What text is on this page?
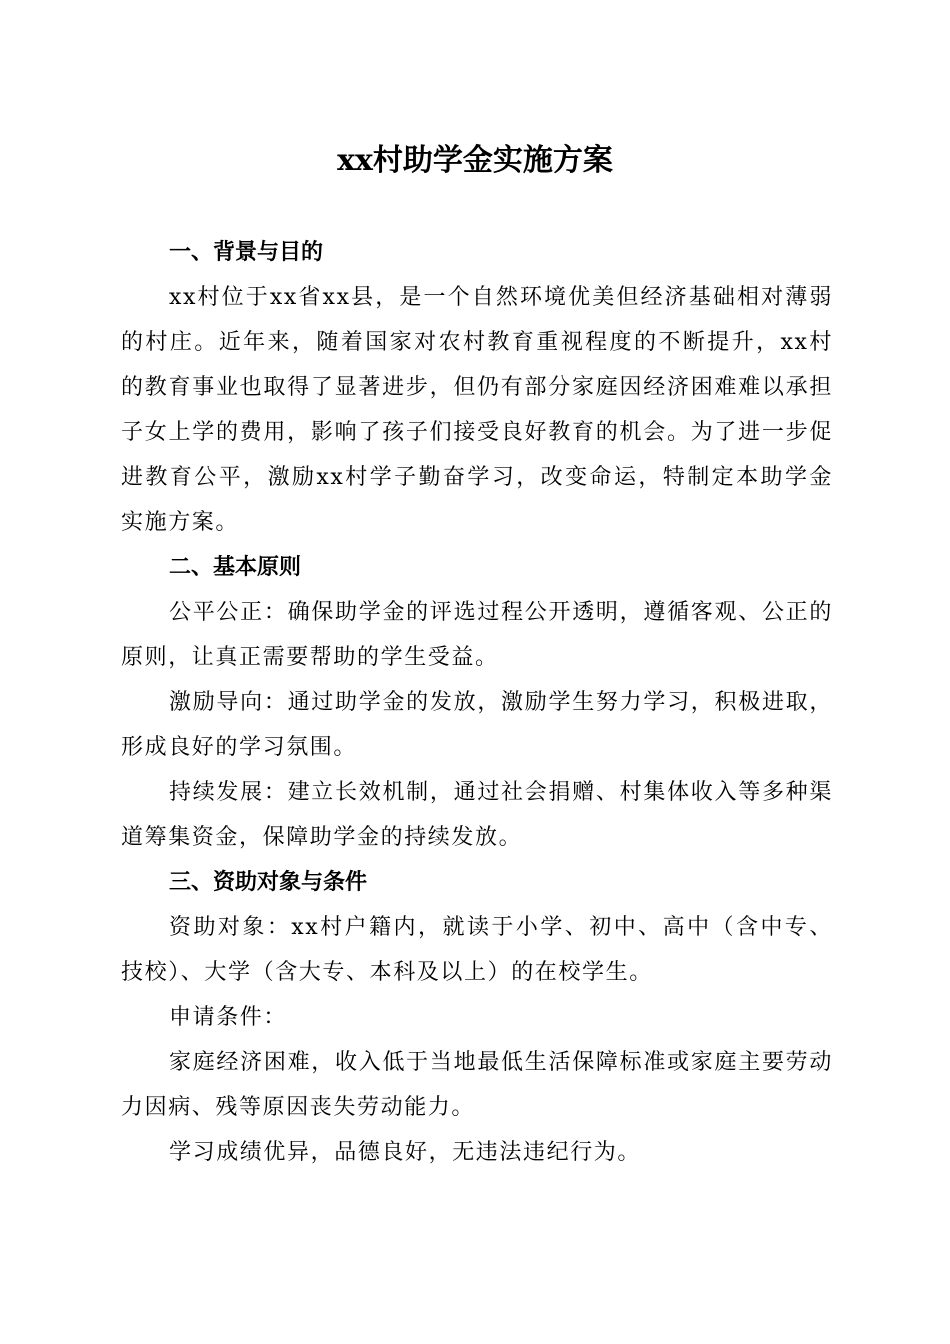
xx村助学金实施方案
一、背景与目的

xx村位于xx省xx县，是一个自然环境优美但经济基础相对薄弱的村庄。近年来，随着国家对农村教育重视程度的不断提升，xx村的教育事业也取得了显著进步，但仍有部分家庭因经济困难难以承担子女上学的费用，影响了孩子们接受良好教育的机会。为了进一步促进教育公平，激励xx村学子勤奋学习，改变命运，特制定本助学金实施方案。

二、基本原则

公平公正：确保助学金的评选过程公开透明，遵循客观、公正的原则，让真正需要帮助的学生受益。

激励导向：通过助学金的发放，激励学生努力学习，积极进取，形成良好的学习氛围。

持续发展：建立长效机制，通过社会捐赠、村集体收入等多种渠道筹集资金，保障助学金的持续发放。

三、资助对象与条件

资助对象：xx村户籍内，就读于小学、初中、高中（含中专、技校）、大学（含大专、本科及以上）的在校学生。

申请条件：

家庭经济困难，收入低于当地最低生活保障标准或家庭主要劳动力因病、残等原因丧失劳动能力。

学习成绩优异，品德良好，无违法违纪行为。
